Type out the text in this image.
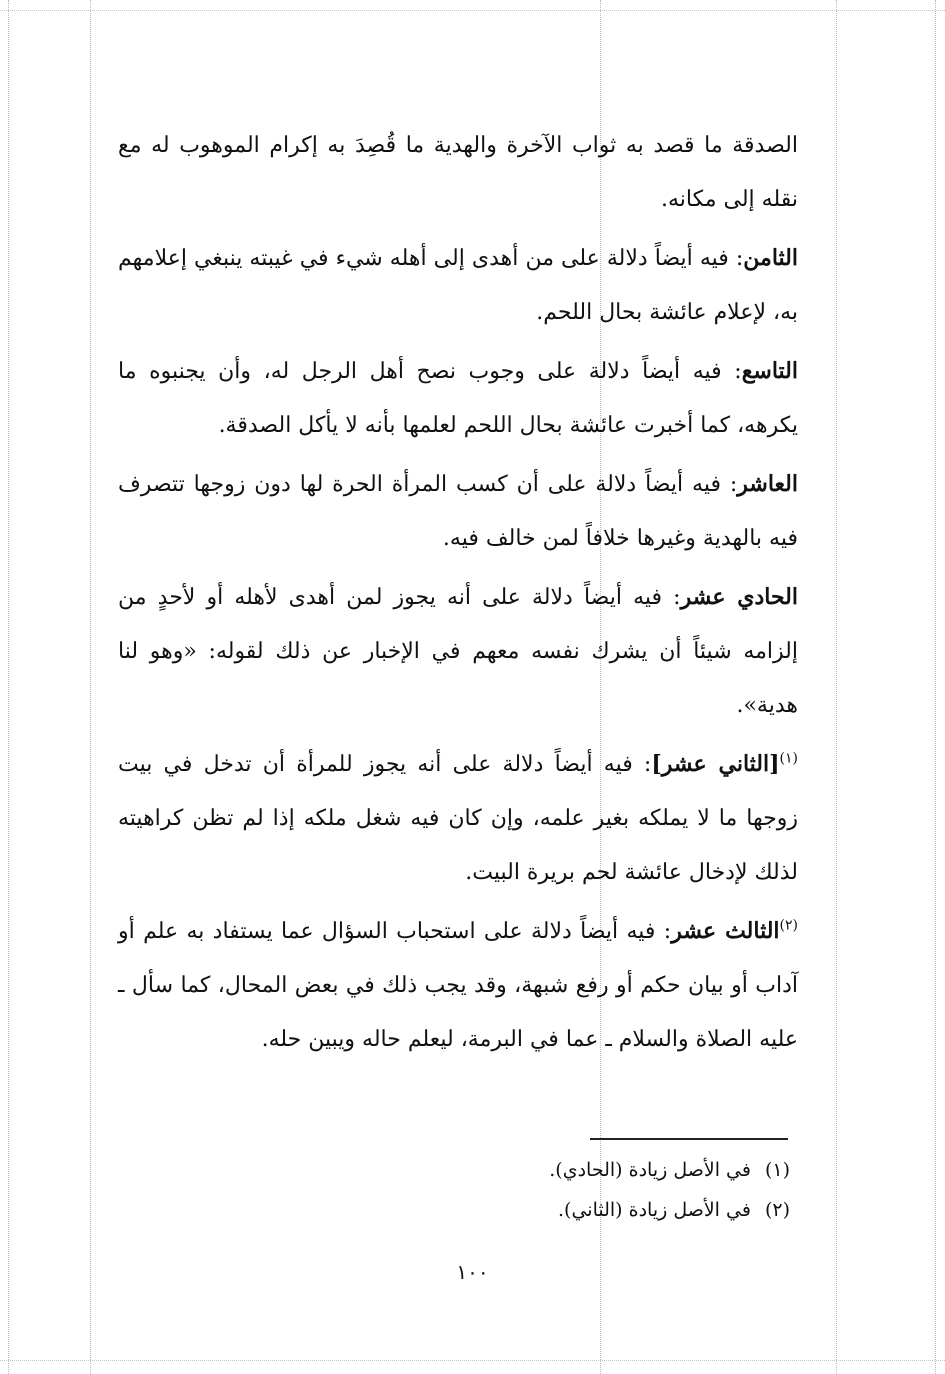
الصدقة ما قصد به ثواب الآخرة والهدية ما قُصِدَ به إكرام الموهوب له مع نقله إلى مكانه.

الثامن: فيه أيضاً دلالة على من أهدى إلى أهله شيء في غيبته ينبغي إعلامهم به، لإعلام عائشة بحال اللحم.

التاسع: فيه أيضاً دلالة على وجوب نصح أهل الرجل له، وأن يجنبوه ما يكرهه، كما أخبرت عائشة بحال اللحم لعلمها بأنه لا يأكل الصدقة.

العاشر: فيه أيضاً دلالة على أن كسب المرأة الحرة لها دون زوجها تتصرف فيه بالهدية وغيرها خلافاً لمن خالف فيه.

الحادي عشر: فيه أيضاً دلالة على أنه يجوز لمن أهدى لأهله أو لأحدٍ من إلزامه شيئاً أن يشرك نفسه معهم في الإخبار عن ذلك لقوله: «وهو لنا هدية».

$^{(١)}$[الثاني عشر]: فيه أيضاً دلالة على أنه يجوز للمرأة أن تدخل في بيت زوجها ما لا يملكه بغير علمه، وإن كان فيه شغل ملكه إذا لم تظن كراهيته لذلك لإدخال عائشة لحم بريرة البيت.

$^{(٢)}$الثالث عشر: فيه أيضاً دلالة على استحباب السؤال عما يستفاد به علم أو آداب أو بيان حكم أو رفع شبهة، وقد يجب ذلك في بعض المحال، كما سأل ـ عليه الصلاة والسلام ـ عما في البرمة، ليعلم حاله ويبين حله.

(١)في الأصل زيادة (الحادي).
(٢)في الأصل زيادة (الثاني).
١٠٠
